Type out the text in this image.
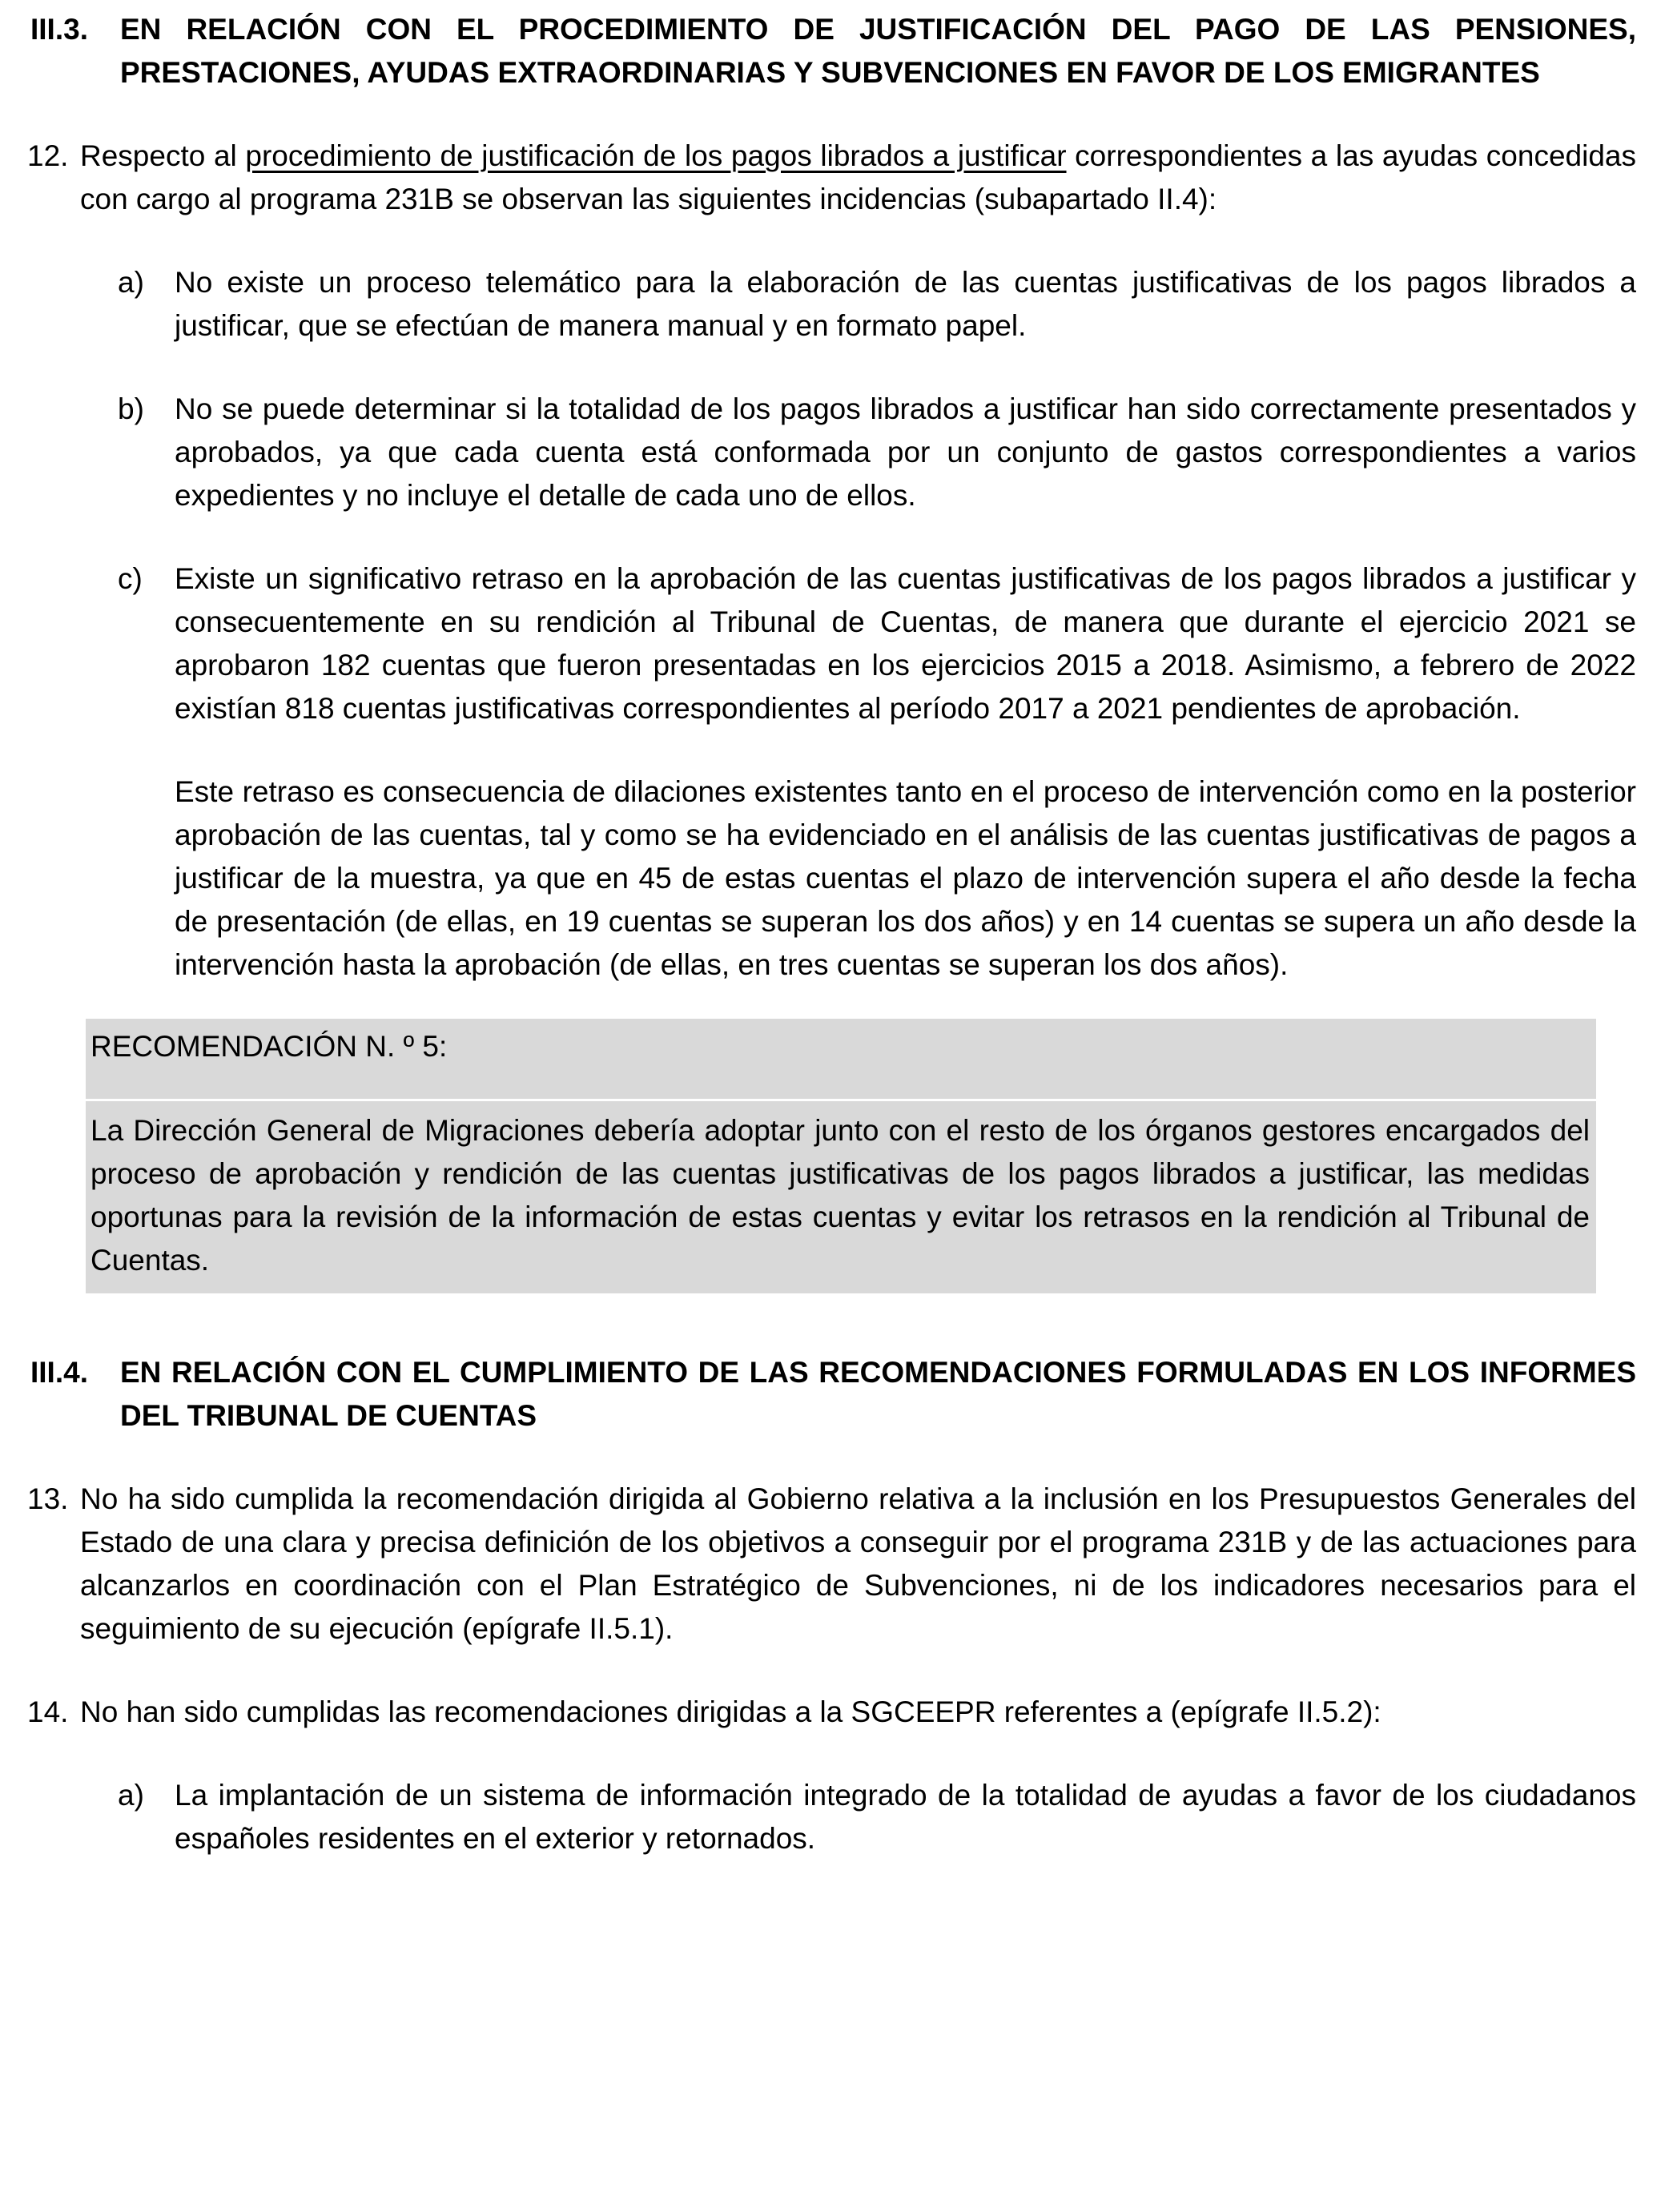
III.3. EN RELACIÓN CON EL PROCEDIMIENTO DE JUSTIFICACIÓN DEL PAGO DE LAS PENSIONES, PRESTACIONES, AYUDAS EXTRAORDINARIAS Y SUBVENCIONES EN FAVOR DE LOS EMIGRANTES
12. Respecto al procedimiento de justificación de los pagos librados a justificar correspondientes a las ayudas concedidas con cargo al programa 231B se observan las siguientes incidencias (subapartado II.4):
a) No existe un proceso telemático para la elaboración de las cuentas justificativas de los pagos librados a justificar, que se efectúan de manera manual y en formato papel.
b) No se puede determinar si la totalidad de los pagos librados a justificar han sido correctamente presentados y aprobados, ya que cada cuenta está conformada por un conjunto de gastos correspondientes a varios expedientes y no incluye el detalle de cada uno de ellos.
c) Existe un significativo retraso en la aprobación de las cuentas justificativas de los pagos librados a justificar y consecuentemente en su rendición al Tribunal de Cuentas, de manera que durante el ejercicio 2021 se aprobaron 182 cuentas que fueron presentadas en los ejercicios 2015 a 2018. Asimismo, a febrero de 2022 existían 818 cuentas justificativas correspondientes al período 2017 a 2021 pendientes de aprobación.
Este retraso es consecuencia de dilaciones existentes tanto en el proceso de intervención como en la posterior aprobación de las cuentas, tal y como se ha evidenciado en el análisis de las cuentas justificativas de pagos a justificar de la muestra, ya que en 45 de estas cuentas el plazo de intervención supera el año desde la fecha de presentación (de ellas, en 19 cuentas se superan los dos años) y en 14 cuentas se supera un año desde la intervención hasta la aprobación (de ellas, en tres cuentas se superan los dos años).
RECOMENDACIÓN N. º 5:
La Dirección General de Migraciones debería adoptar junto con el resto de los órganos gestores encargados del proceso de aprobación y rendición de las cuentas justificativas de los pagos librados a justificar, las medidas oportunas para la revisión de la información de estas cuentas y evitar los retrasos en la rendición al Tribunal de Cuentas.
III.4. EN RELACIÓN CON EL CUMPLIMIENTO DE LAS RECOMENDACIONES FORMULADAS EN LOS INFORMES DEL TRIBUNAL DE CUENTAS
13. No ha sido cumplida la recomendación dirigida al Gobierno relativa a la inclusión en los Presupuestos Generales del Estado de una clara y precisa definición de los objetivos a conseguir por el programa 231B y de las actuaciones para alcanzarlos en coordinación con el Plan Estratégico de Subvenciones, ni de los indicadores necesarios para el seguimiento de su ejecución (epígrafe II.5.1).
14. No han sido cumplidas las recomendaciones dirigidas a la SGCEEPR referentes a (epígrafe II.5.2):
a) La implantación de un sistema de información integrado de la totalidad de ayudas a favor de los ciudadanos españoles residentes en el exterior y retornados.
